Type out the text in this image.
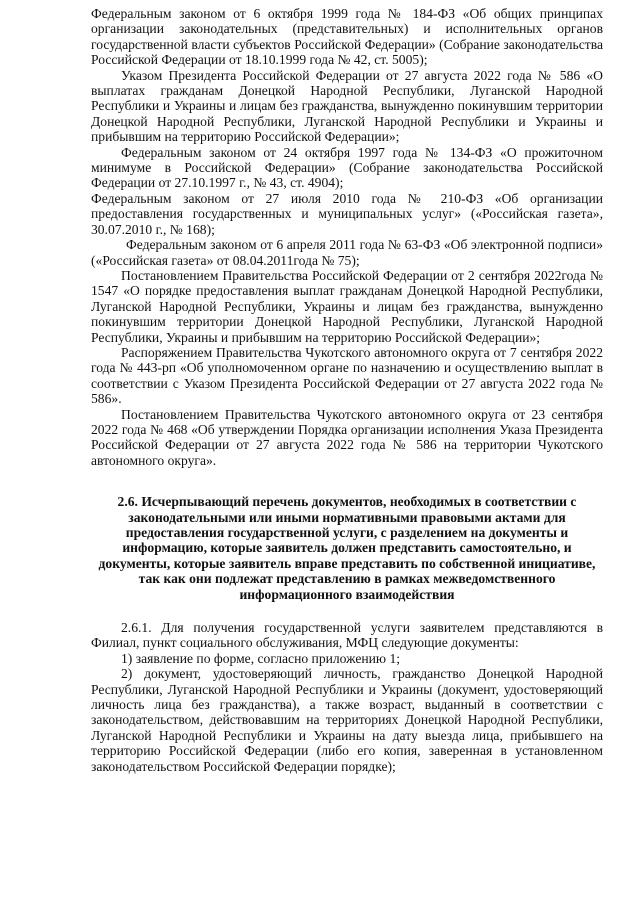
Федеральным законом от 6 октября 1999 года № 184-ФЗ «Об общих принципах организации законодательных (представительных) и исполнительных органов государственной власти субъектов Российской Федерации» (Собрание законодательства Российской Федерации от 18.10.1999 года № 42, ст. 5005);

Указом Президента Российской Федерации от 27 августа 2022 года № 586 «О выплатах гражданам Донецкой Народной Республики, Луганской Народной Республики и Украины и лицам без гражданства, вынужденно покинувшим территории Донецкой Народной Республики, Луганской Народной Республики и Украины и прибывшим на территорию Российской Федерации»;

Федеральным законом от 24 октября 1997 года № 134-ФЗ «О прожиточном минимуме в Российской Федерации» (Собрание законодательства Российской Федерации от 27.10.1997 г., № 43, ст. 4904);

Федеральным законом от 27 июля 2010 года № 210-ФЗ «Об организации предоставления государственных и муниципальных услуг» («Российская газета», 30.07.2010 г., № 168);

Федеральным законом от 6 апреля 2011 года № 63-ФЗ «Об электронной подписи» («Российская газета» от 08.04.2011года № 75);

Постановлением Правительства Российской Федерации от 2 сентября 2022года № 1547 «О порядке предоставления выплат гражданам Донецкой Народной Республики, Луганской Народной Республики, Украины и лицам без гражданства, вынужденно покинувшим территории Донецкой Народной Республики, Луганской Народной Республики, Украины и прибывшим на территорию Российской Федерации»;

Распоряжением Правительства Чукотского автономного округа от 7 сентября 2022 года № 443-рп «Об уполномоченном органе по назначению и осуществлению выплат в соответствии с Указом Президента Российской Федерации от 27 августа 2022 года № 586».

Постановлением Правительства Чукотского автономного округа от 23 сентября 2022 года № 468 «Об утверждении Порядка организации исполнения Указа Президента Российской Федерации от 27 августа 2022 года № 586 на территории Чукотского автономного округа».

2.6. Исчерпывающий перечень документов, необходимых в соответствии с законодательными или иными нормативными правовыми актами для предоставления государственной услуги, с разделением на документы и информацию, которые заявитель должен представить самостоятельно, и документы, которые заявитель вправе представить по собственной инициативе, так как они подлежат представлению в рамках межведомственного информационного взаимодействия

2.6.1. Для получения государственной услуги заявителем представляются в Филиал, пункт социального обслуживания, МФЦ следующие документы:

1) заявление по форме, согласно приложению 1;

2) документ, удостоверяющий личность, гражданство Донецкой Народной Республики, Луганской Народной Республики и Украины (документ, удостоверяющий личность лица без гражданства), а также возраст, выданный в соответствии с законодательством, действовавшим на территориях Донецкой Народной Республики, Луганской Народной Республики и Украины на дату выезда лица, прибывшего на территорию Российской Федерации (либо его копия, заверенная в установленном законодательством Российской Федерации порядке);
